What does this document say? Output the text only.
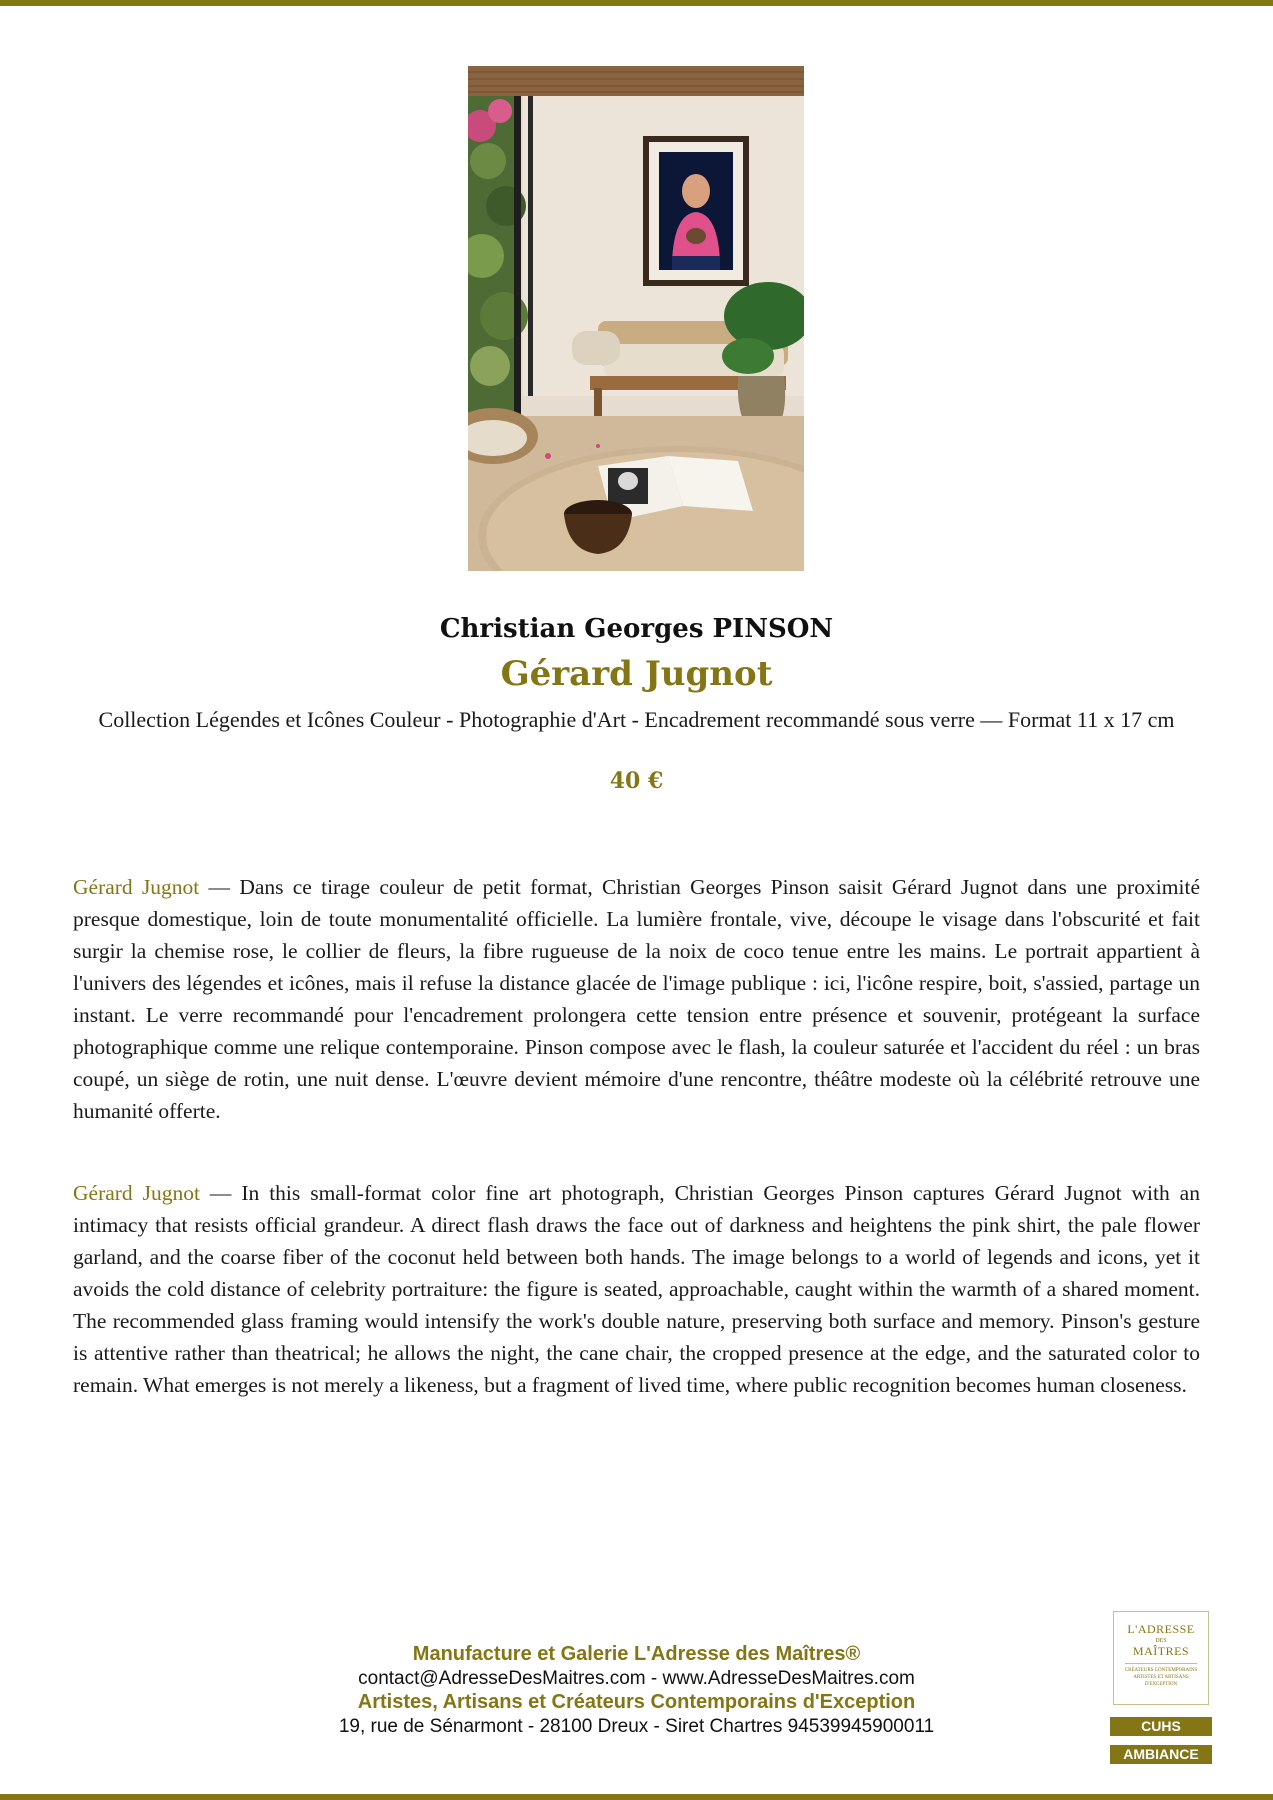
Christian Georges PINSON
Gérard Jugnot
Collection Légendes et Icônes Couleur - Photographie d'Art - Encadrement recommandé sous verre — Format 11 x 17 cm
40 €

Gérard Jugnot — Dans ce tirage couleur de petit format, Christian Georges Pinson saisit Gérard Jugnot dans une proximité presque domestique, loin de toute monumentalité officielle. La lumière frontale, vive, découpe le visage dans l'obscurité et fait surgir la chemise rose, le collier de fleurs, la fibre rugueuse de la noix de coco tenue entre les mains. Le portrait appartient à l'univers des légendes et icônes, mais il refuse la distance glacée de l'image publique : ici, l'icône respire, boit, s'assied, partage un instant. Le verre recommandé pour l'encadrement prolongera cette tension entre présence et souvenir, protégeant la surface photographique comme une relique contemporaine. Pinson compose avec le flash, la couleur saturée et l'accident du réel : un bras coupé, un siège de rotin, une nuit dense. L'œuvre devient mémoire d'une rencontre, théâtre modeste où la célébrité retrouve une humanité offerte.

Gérard Jugnot — In this small-format color fine art photograph, Christian Georges Pinson captures Gérard Jugnot with an intimacy that resists official grandeur. A direct flash draws the face out of darkness and heightens the pink shirt, the pale flower garland, and the coarse fiber of the coconut held between both hands. The image belongs to a world of legends and icons, yet it avoids the cold distance of celebrity portraiture: the figure is seated, approachable, caught within the warmth of a shared moment. The recommended glass framing would intensify the work's double nature, preserving both surface and memory. Pinson's gesture is attentive rather than theatrical; he allows the night, the cane chair, the cropped presence at the edge, and the saturated color to remain. What emerges is not merely a likeness, but a fragment of lived time, where public recognition becomes human closeness.

Manufacture et Galerie L'Adresse des Maîtres®
contact@AdresseDesMaitres.com - www.AdresseDesMaitres.com
Artistes, Artisans et Créateurs Contemporains d'Exception
19, rue de Sénarmont - 28100 Dreux - Siret Chartres 94539945900011
L'ADRESSE
DES
MAÎTRES
CRÉATEURS CONTEMPORAINS ARTISTES ET ARTISANS D'EXCEPTION
CUHS
AMBIANCE
